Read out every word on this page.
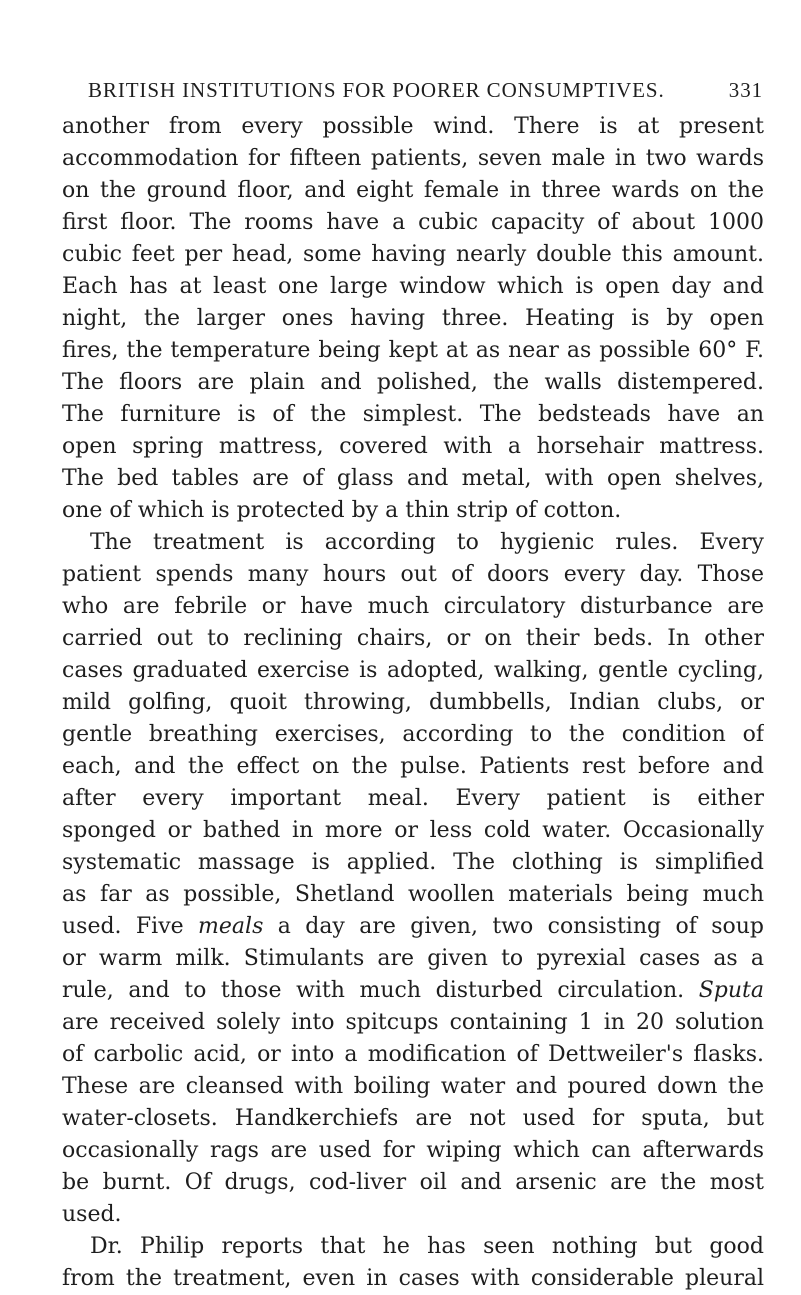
BRITISH INSTITUTIONS FOR POORER CONSUMPTIVES.	331
another from every possible wind. There is at present
accommodation for fifteen patients, seven male in two wards
on the ground floor, and eight female in three wards on the
first floor. The rooms have a cubic capacity of about 1000
cubic feet per head, some having nearly double this amount.
Each has at least one large window which is open day and
night, the larger ones having three. Heating is by open
fires, the temperature being kept at as near as possible 60° F.
The floors are plain and polished, the walls distempered.
The furniture is of the simplest. The bedsteads have an
open spring mattress, covered with a horsehair mattress.
The bed tables are of glass and metal, with open shelves,
one of which is protected by a thin strip of cotton.
The treatment is according to hygienic rules. Every
patient spends many hours out of doors every day. Those
who are febrile or have much circulatory disturbance are
carried out to reclining chairs, or on their beds. In other
cases graduated exercise is adopted, walking, gentle cycling,
mild golfing, quoit throwing, dumbbells, Indian clubs, or
gentle breathing exercises, according to the condition of
each, and the effect on the pulse. Patients rest before and
after every important meal. Every patient is either
sponged or bathed in more or less cold water. Occasionally
systematic massage is applied. The clothing is simplified
as far as possible, Shetland woollen materials being much
used. Five meals a day are given, two consisting of soup
or warm milk. Stimulants are given to pyrexial cases as a
rule, and to those with much disturbed circulation. Sputa
are received solely into spitcups containing 1 in 20 solution
of carbolic acid, or into a modification of Dettweiler's flasks.
These are cleansed with boiling water and poured down the
water-closets. Handkerchiefs are not used for sputa, but
occasionally rags are used for wiping which can afterwards
be burnt. Of drugs, cod-liver oil and arsenic are the most
used.
Dr. Philip reports that he has seen nothing but good
from the treatment, even in cases with considerable pleural
